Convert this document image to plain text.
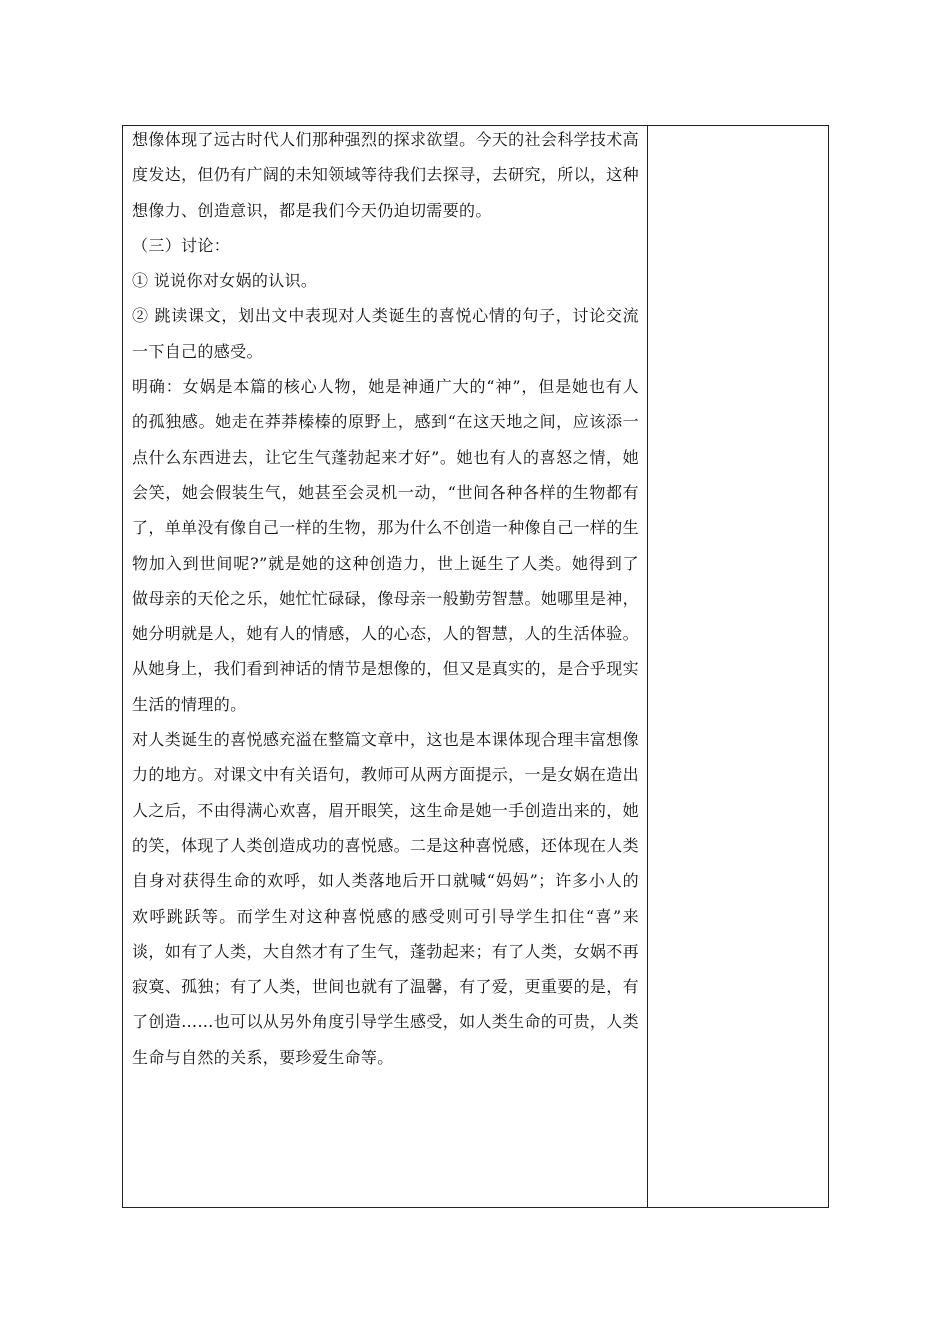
想像体现了远古时代人们那种强烈的探求欲望。今天的社会科学技术高度发达，但仍有广阔的未知领域等待我们去探寻，去研究，所以，这种想像力、创造意识，都是我们今天仍迫切需要的。

（三）讨论：

① 说说你对女娲的认识。

② 跳读课文，划出文中表现对人类诞生的喜悦心情的句子，讨论交流一下自己的感受。

明确：女娲是本篇的核心人物，她是神通广大的“神”，但是她也有人的孤独感。她走在莽莽榛榛的原野上，感到“在这天地之间，应该添一点什么东西进去，让它生气蓬勃起来才好”。她也有人的喜怒之情，她会笑，她会假装生气，她甚至会灵机一动，“世间各种各样的生物都有了，单单没有像自己一样的生物，那为什么不创造一种像自己一样的生物加入到世间呢?”就是她的这种创造力，世上诞生了人类。她得到了做母亲的天伦之乐，她忙忙碌碌，像母亲一般勤劳智慧。她哪里是神，她分明就是人，她有人的情感，人的心态，人的智慧，人的生活体验。从她身上，我们看到神话的情节是想像的，但又是真实的，是合乎现实生活的情理的。

对人类诞生的喜悦感充溢在整篇文章中，这也是本课体现合理丰富想像力的地方。对课文中有关语句，教师可从两方面提示，一是女娲在造出人之后，不由得满心欢喜，眉开眼笑，这生命是她一手创造出来的，她的笑，体现了人类创造成功的喜悦感。二是这种喜悦感，还体现在人类自身对获得生命的欢呼，如人类落地后开口就喊“妈妈”；许多小人的欢呼跳跃等。而学生对这种喜悦感的感受则可引导学生扣住“喜”来谈，如有了人类，大自然才有了生气，蓬勃起来；有了人类，女娲不再寂寞、孤独；有了人类，世间也就有了温馨，有了爱，更重要的是，有了创造……也可以从另外角度引导学生感受，如人类生命的可贵，人类生命与自然的关系，要珍爱生命等。
